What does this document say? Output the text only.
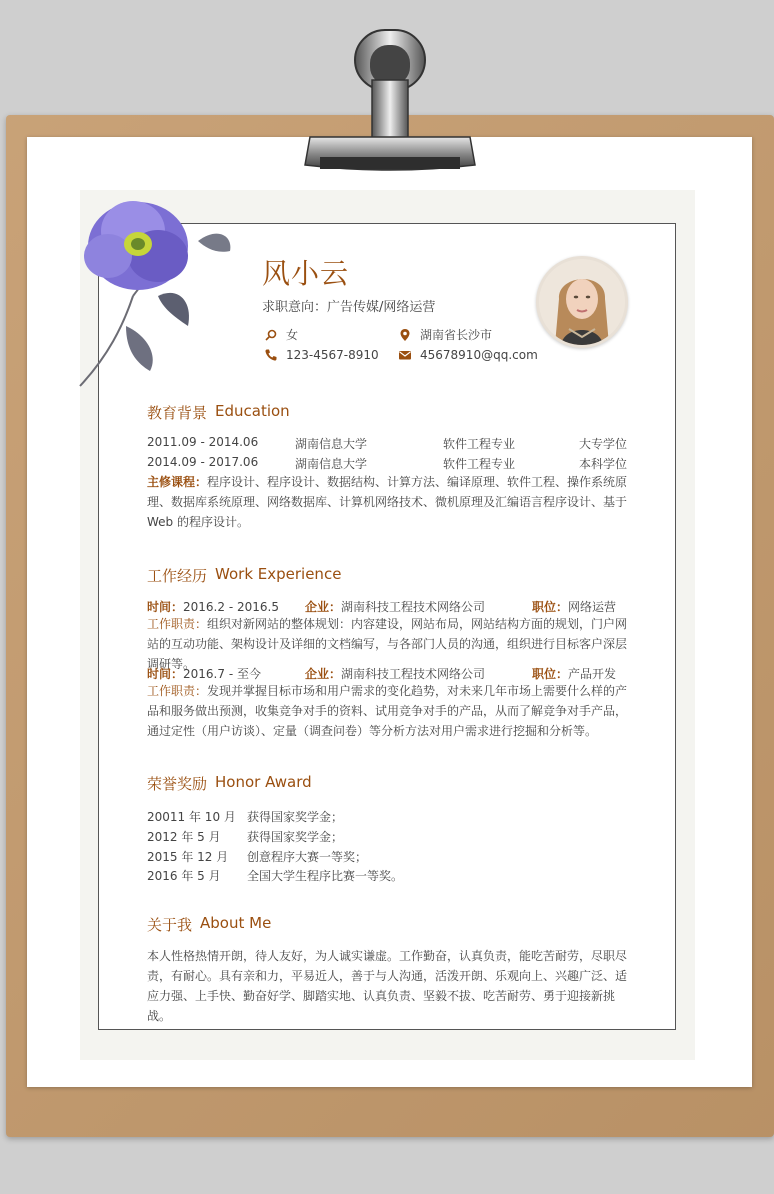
风小云
求职意向：广告传媒/网络运营
女	湖南省长沙市
123-4567-8910	45678910@qq.com
教育背景 Education
2011.09 - 2014.06	湖南信息大学	软件工程专业	大专学位
2014.09 - 2017.06	湖南信息大学	软件工程专业	本科学位
主修课程：程序设计、程序设计、数据结构、计算方法、编译原理、软件工程、操作系统原理、数据库系统原理、网络数据库、计算机网络技术、微机原理及汇编语言程序设计、基于 Web 的程序设计。
工作经历 Work Experience
时间：2016.2 - 2016.5 企业：湖南科技工程技术网络公司	职位：网络运营
工作职责：组织对新网站的整体规划：内容建设，网站布局，网站结构方面的规划，门户网站的互动功能、架构设计及详细的文档编写，与各部门人员的沟通，组织进行目标客户深层调研等。
时间：2016.7 - 至今	企业：湖南科技工程技术网络公司	职位：产品开发
工作职责：发现并掌握目标市场和用户需求的变化趋势，对未来几年市场上需要什么样的产品和服务做出预测，收集竞争对手的资料、试用竞争对手的产品，从而了解竞争对手产品，通过定性（用户访谈）、定量（调查问卷）等分析方法对用户需求进行挖掘和分析等。
荣誉奖励 Honor Award
20011 年 10 月 获得国家奖学金；
2012 年 5 月 获得国家奖学金；
2015 年 12 月 创意程序大赛一等奖；
2016 年 5 月 全国大学生程序比赛一等奖。
关于我 About Me
本人性格热情开朗，待人友好，为人诚实谦虚。工作勤奋，认真负责，能吃苦耐劳，尽职尽责，有耐心。具有亲和力，平易近人，善于与人沟通，活泼开朗、乐观向上、兴趣广泛、适应力强、上手快、勤奋好学、脚踏实地、认真负责、坚毅不拔、吃苦耐劳、勇于迎接新挑战。
